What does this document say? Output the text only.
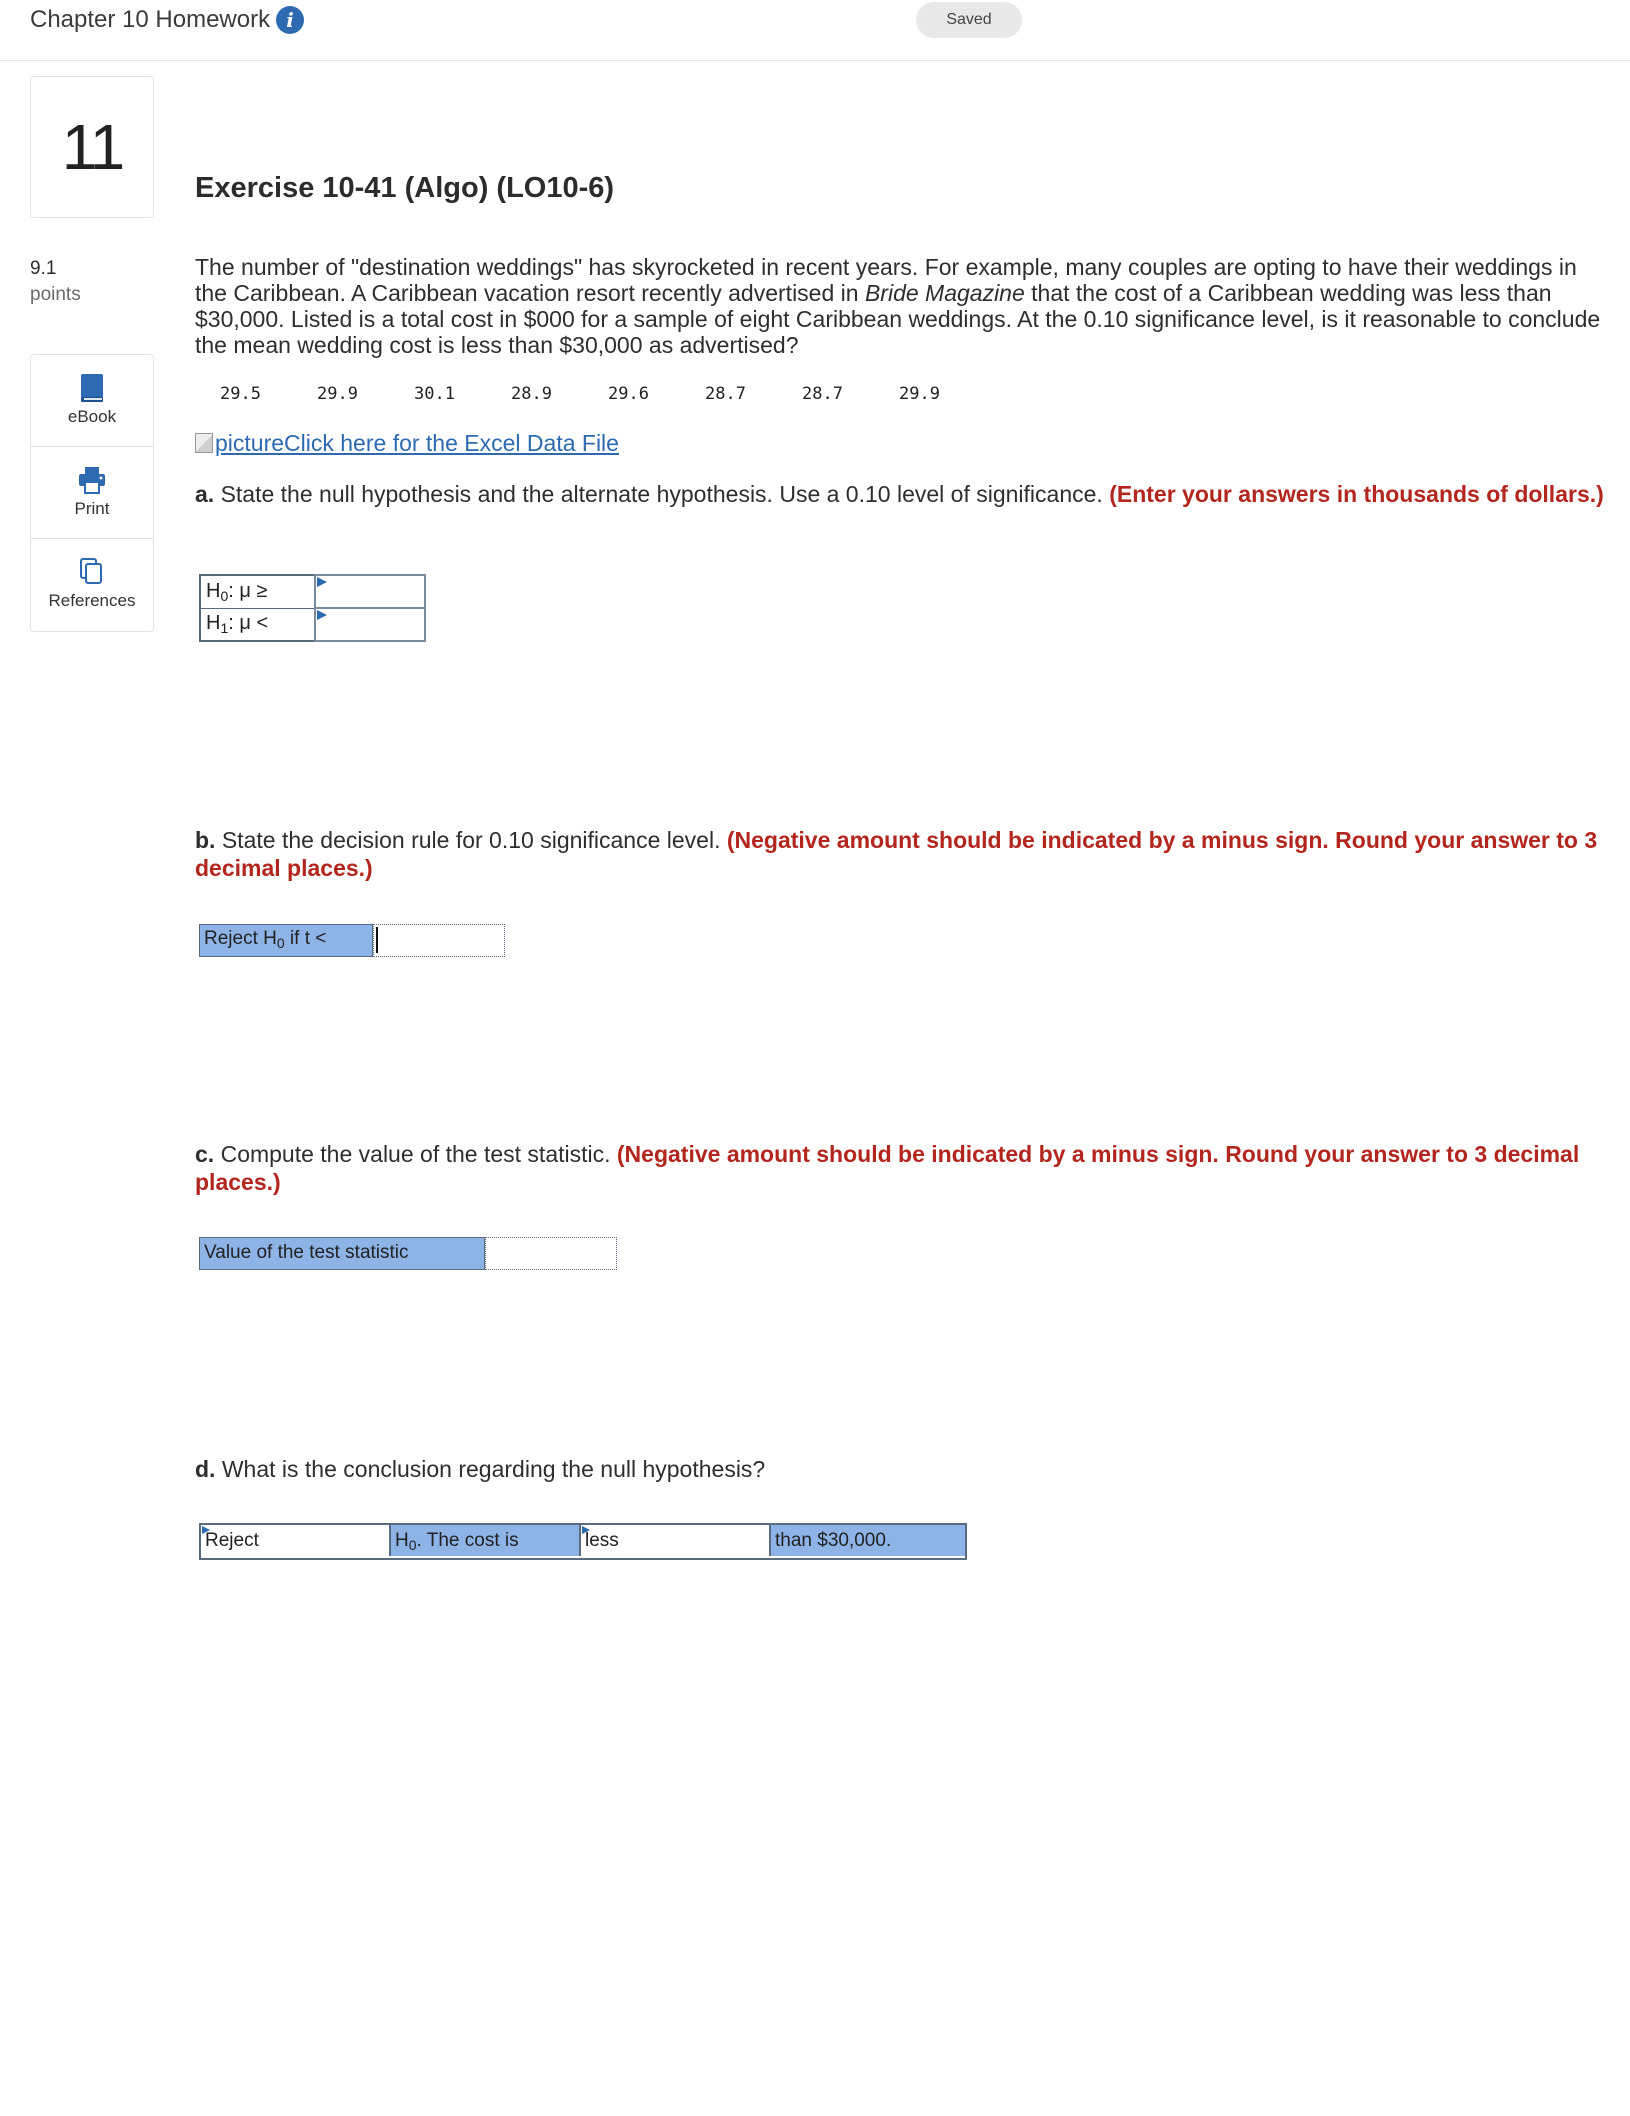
Chapter 10 Homework i	Saved
11
9.1
points
eBook
Print
References
Exercise 10-41 (Algo) (LO10-6)
The number of "destination weddings" has skyrocketed in recent years. For example, many couples are opting to have their weddings in the Caribbean. A Caribbean vacation resort recently advertised in Bride Magazine that the cost of a Caribbean wedding was less than $30,000. Listed is a total cost in $000 for a sample of eight Caribbean weddings. At the 0.10 significance level, is it reasonable to conclude the mean wedding cost is less than $30,000 as advertised?
29.5	29.9	30.1	28.9	29.6	28.7	28.7	29.9
pictureClick here for the Excel Data File
a. State the null hypothesis and the alternate hypothesis. Use a 0.10 level of significance. (Enter your answers in thousands of dollars.)
$H_0$: μ ≥	
$H_1$: μ <	
b. State the decision rule for 0.10 significance level. (Negative amount should be indicated by a minus sign. Round your answer to 3 decimal places.)
Reject $H_0$ if t <
c. Compute the value of the test statistic. (Negative amount should be indicated by a minus sign. Round your answer to 3 decimal places.)
Value of the test statistic
d. What is the conclusion regarding the null hypothesis?
Reject	$H_0$. The cost is	less	than $30,000.
